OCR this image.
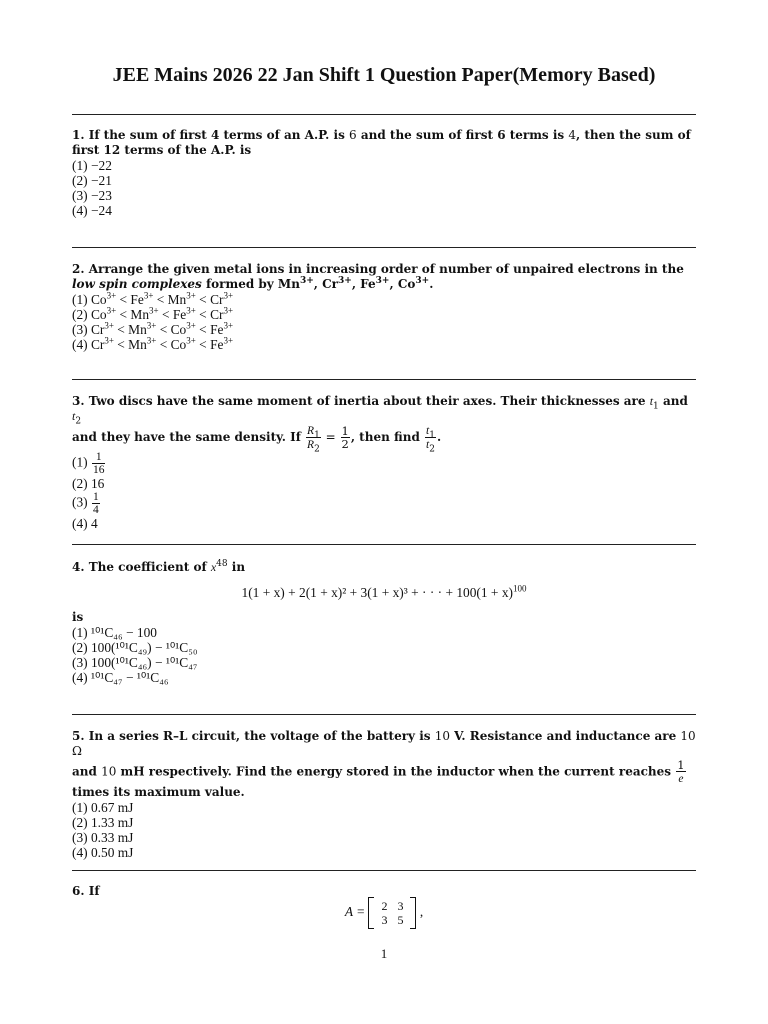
JEE Mains 2026 22 Jan Shift 1 Question Paper(Memory Based)
1. If the sum of first 4 terms of an A.P. is 6 and the sum of first 6 terms is 4, then the sum of first 12 terms of the A.P. is
(1) −22
(2) −21
(3) −23
(4) −24
2. Arrange the given metal ions in increasing order of number of unpaired electrons in the low spin complexes formed by $Mn^{3+}$, $Cr^{3+}$, $Fe^{3+}$, $Co^{3+}$.
(1) $Co^{3+} < Fe^{3+} < Mn^{3+} < Cr^{3+}$
(2) $Co^{3+} < Mn^{3+} < Fe^{3+} < Cr^{3+}$
(3) $Cr^{3+} < Mn^{3+} < Co^{3+} < Fe^{3+}$
(4) $Cr^{3+} < Mn^{3+} < Co^{3+} < Fe^{3+}$
3. Two discs have the same moment of inertia about their axes. Their thicknesses are $t_1$ and $t_2$
and they have the same density. If $\frac{R_1}{R_2} = \frac{1}{2}$ , then find $\frac{t_1}{t_2}$ .
$(1) \frac{1}{16}$
(2) 16
$(3) \frac{1}{4}$
(4) 4
4. The coefficient of $x^{48}$ in
1(1 + x) + 2(1 + x)² + 3(1 + x)³ + · · · + $100(1 + x)^{100}$
is
(1) ¹⁰¹C₄₆ − 100
(2) 100(¹⁰¹C₄₉) − ¹⁰¹C₅₀
(3) 100(¹⁰¹C₄₆) − ¹⁰¹C₄₇
(4) ¹⁰¹C₄₇ − ¹⁰¹C₄₆
5. In a series R–L circuit, the voltage of the battery is 10 V. Resistance and inductance are 10 Ω
and 10 mH respectively. Find the energy stored in the inductor when the current reaches $\frac{1}{e}$
times its maximum value.
(1) 0.67 mJ
(2) 1.33 mJ
(3) 0.33 mJ
(4) 0.50 mJ
6. If
A =	2 3
3 5
,
1
